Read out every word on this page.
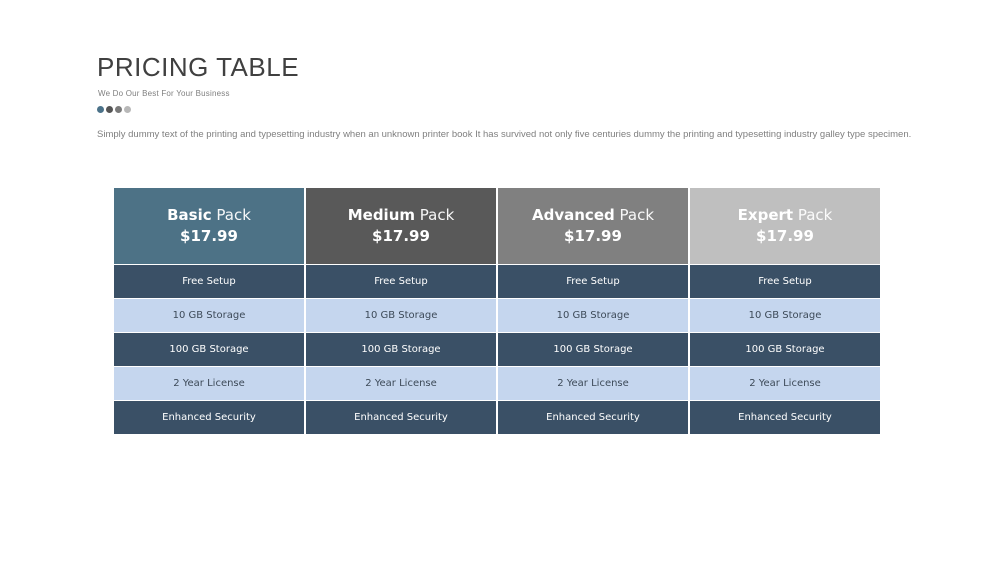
PRICING TABLE
We Do Our Best For Your Business
Simply dummy text of the printing and typesetting industry when an unknown printer book It has survived not only five centuries dummy the printing and typesetting industry galley type specimen.
Basic Pack
$17.99
Free Setup
10 GB Storage
100 GB Storage
2 Year License
Enhanced Security
Medium Pack
$17.99
Free Setup
10 GB Storage
100 GB Storage
2 Year License
Enhanced Security
Advanced Pack
$17.99
Free Setup
10 GB Storage
100 GB Storage
2 Year License
Enhanced Security
Expert Pack
$17.99
Free Setup
10 GB Storage
100 GB Storage
2 Year License
Enhanced Security
